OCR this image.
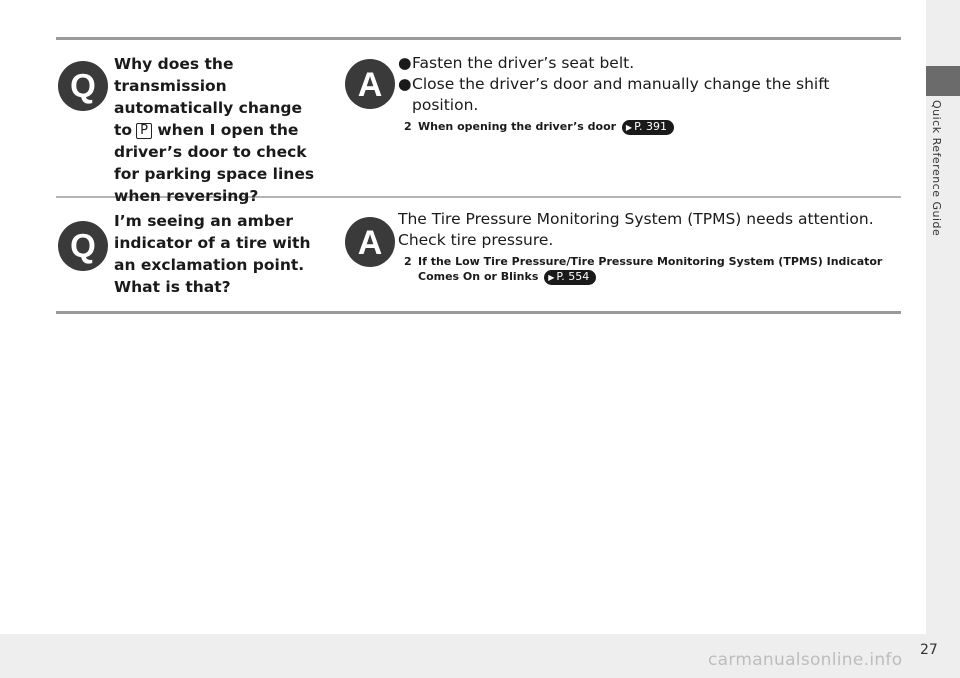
Quick Reference Guide
27
carmanualsonline.info
Q
Why does the transmission automatically change to P when I open the driver’s door to check for parking space lines when reversing?
A
● Fasten the driver’s seat belt.
● Close the driver’s door and manually change the shift position.
2 When opening the driver’s door ▶ P. 391
Q
I’m seeing an amber indicator of a tire with an exclamation point. What is that?
A
The Tire Pressure Monitoring System (TPMS) needs attention. Check tire pressure.
2 If the Low Tire Pressure/Tire Pressure Monitoring System (TPMS) Indicator Comes On or Blinks ▶ P. 554
